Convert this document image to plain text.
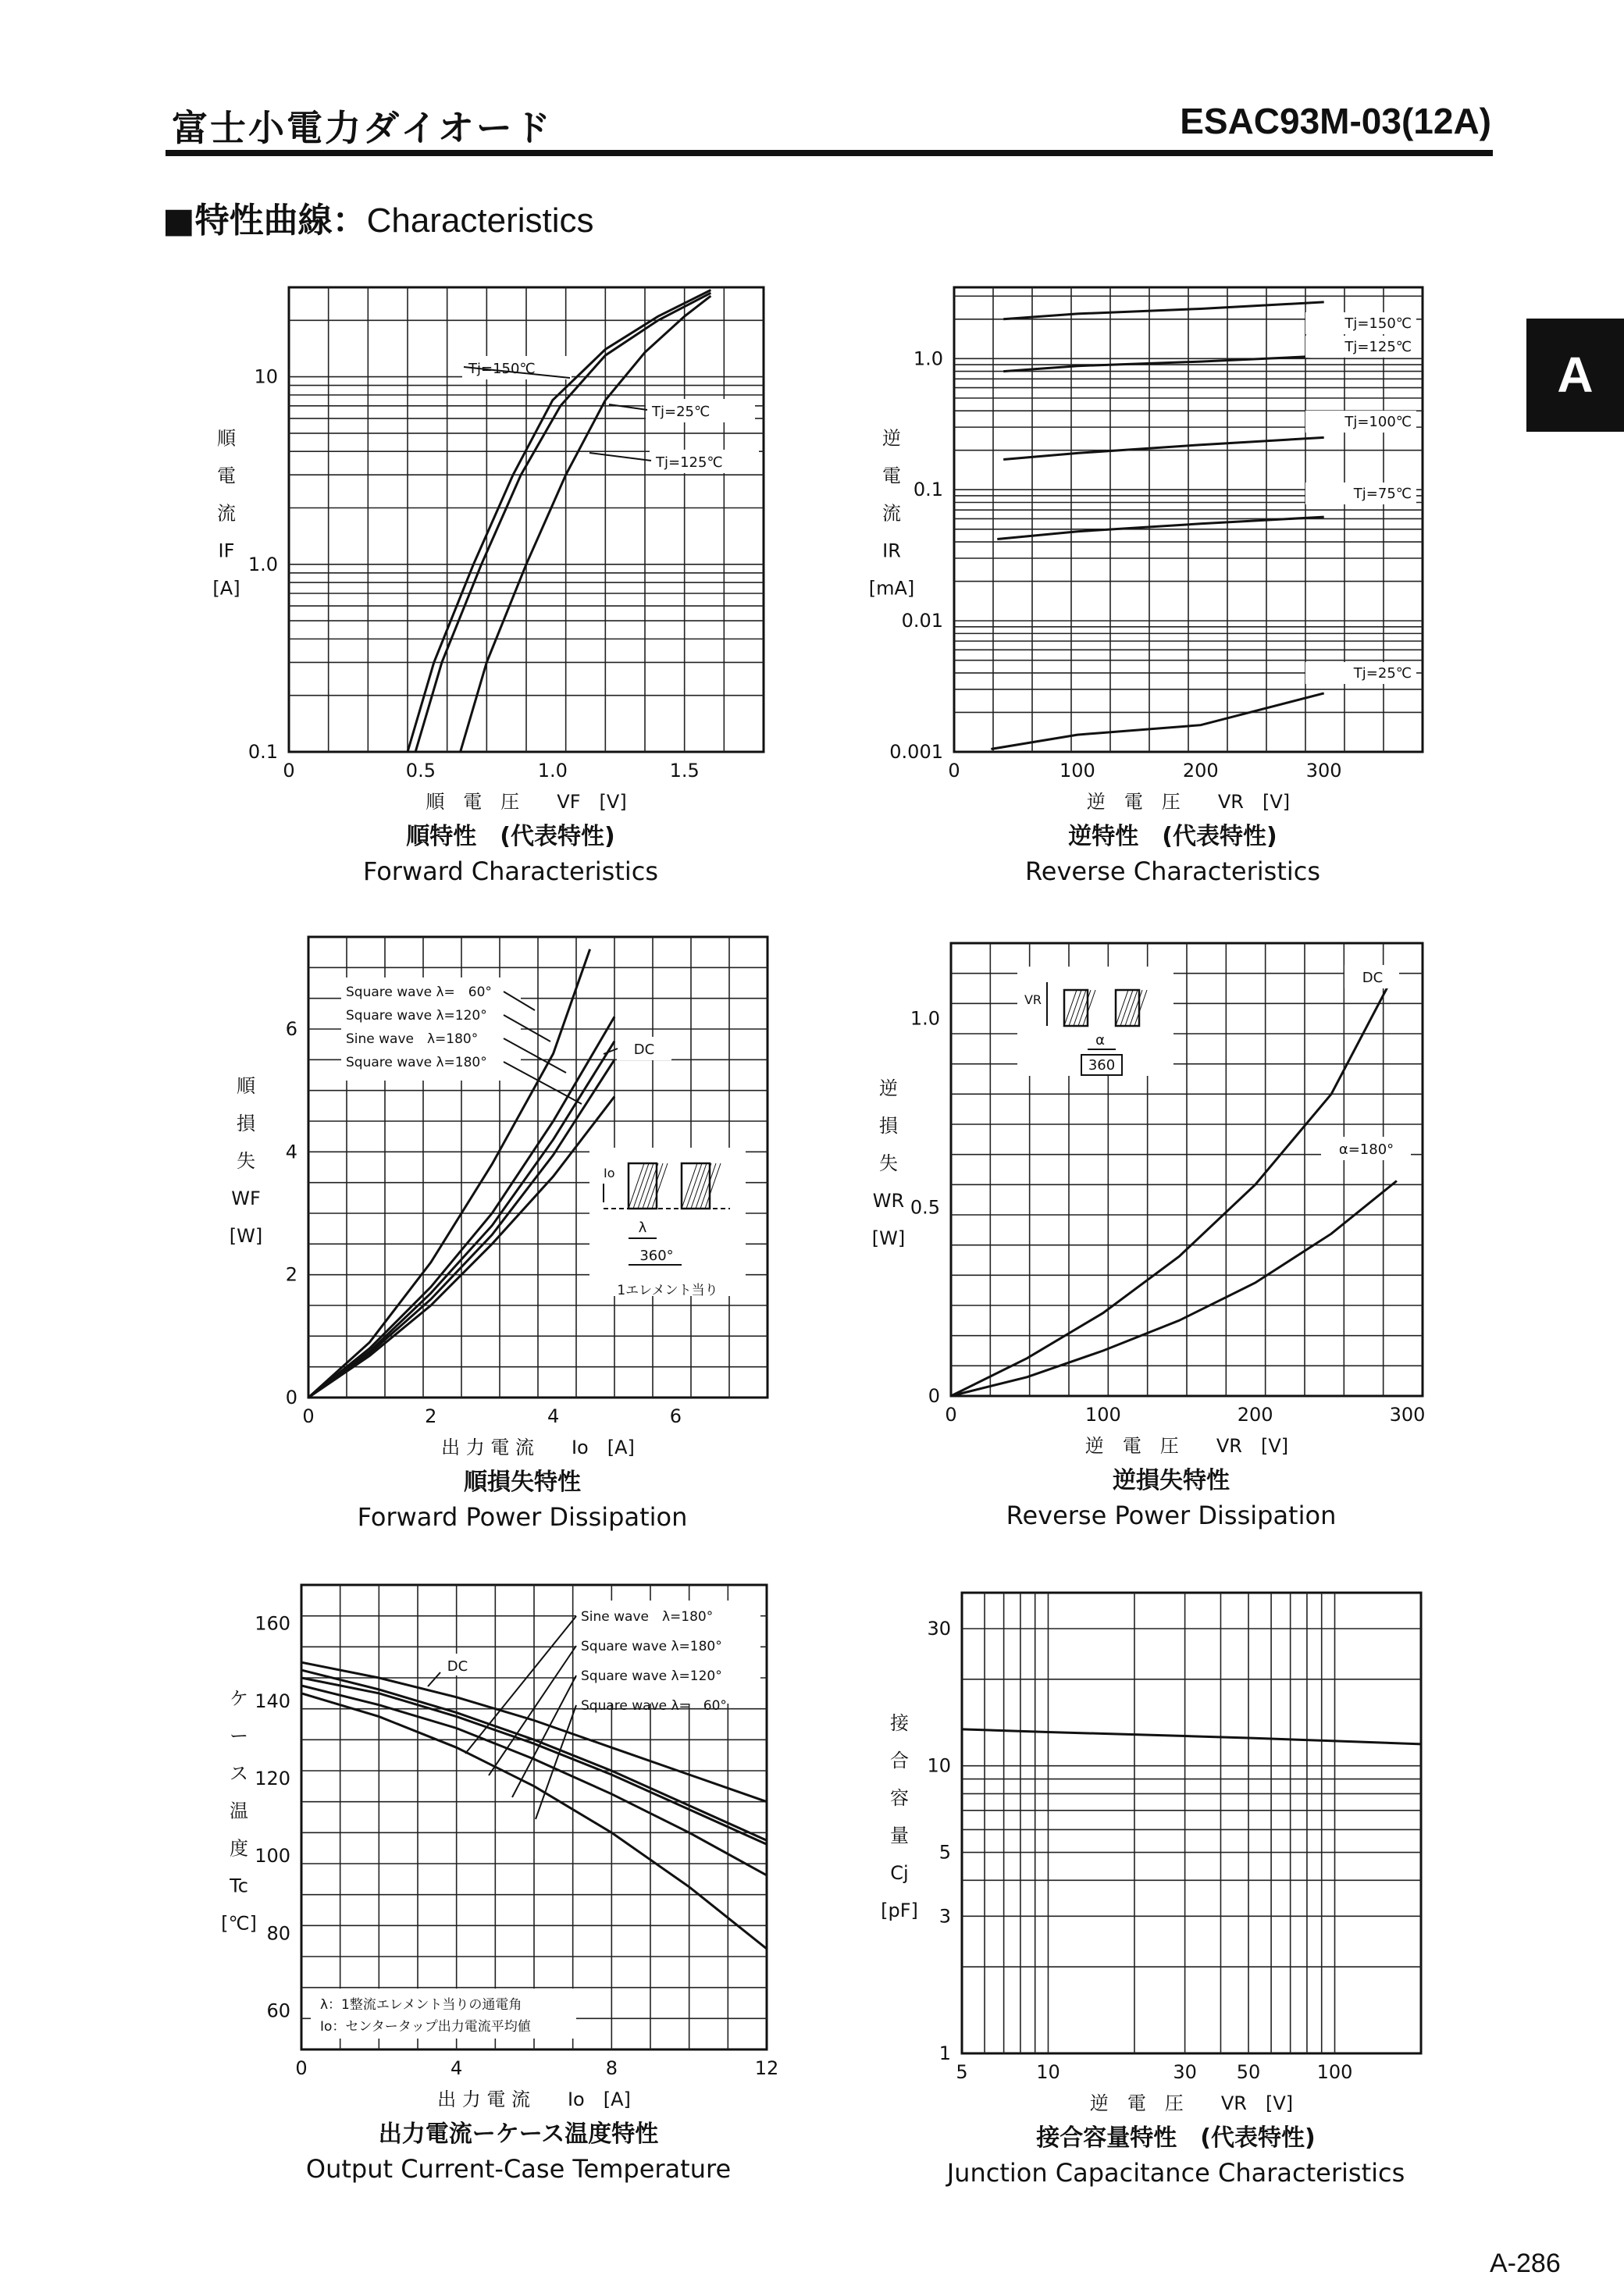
富士小電力ダイオード	ESAC93M-03(12A)
■特性曲線：Characteristics
A
A-286
0	0.5	1.0	1.5
0.1
1.0
10
順　電　圧　　VF　[V]
順
電
流
IF
[A]
順特性　(代表特性)
Forward Characteristics
Tj=150℃
Tj=25℃
Tj=125℃
0	100	200	300
0.001
0.01
0.1
1.0
逆　電　圧　　VR　[V]
逆
電
流
IR
[mA]
逆特性　(代表特性)
Reverse Characteristics
Tj=150℃
Tj=125℃
Tj=100℃
Tj=75℃
Tj=25℃
0	2	4	6
0
2
4
6
出 力 電 流　　Io　[A]
順
損
失
WF
[W]
順損失特性
Forward Power Dissipation
Square wave λ=　60°
Square wave λ=120°
Sine wave　λ=180°
Square wave λ=180°
DC
Io
λ
360°
1エレメント当り
0	100	200	300
0
0.5
1.0
逆　電　圧　　VR　[V]
逆
損
失
WR
[W]
逆損失特性
Reverse Power Dissipation
DC
α=180°
VR
α
360
0	4	8	12
60
80
100
120
140
160
出 力 電 流　　Io　[A]
ケ
ー
ス
温
度
Tc
[℃]
出力電流ーケース温度特性
Output Current-Case Temperature
Sine wave　λ=180°
Square wave λ=180°
Square wave λ=120°
Square wave λ=　60°
DC
λ：1整流エレメント当りの通電角
Io：センタータップ出力電流平均値
5	10	30 50	100
1
3
5
10
30
逆　電　圧　　VR　[V]
接
合
容
量
Cj
[pF]
接合容量特性　(代表特性)
Junction Capacitance Characteristics
